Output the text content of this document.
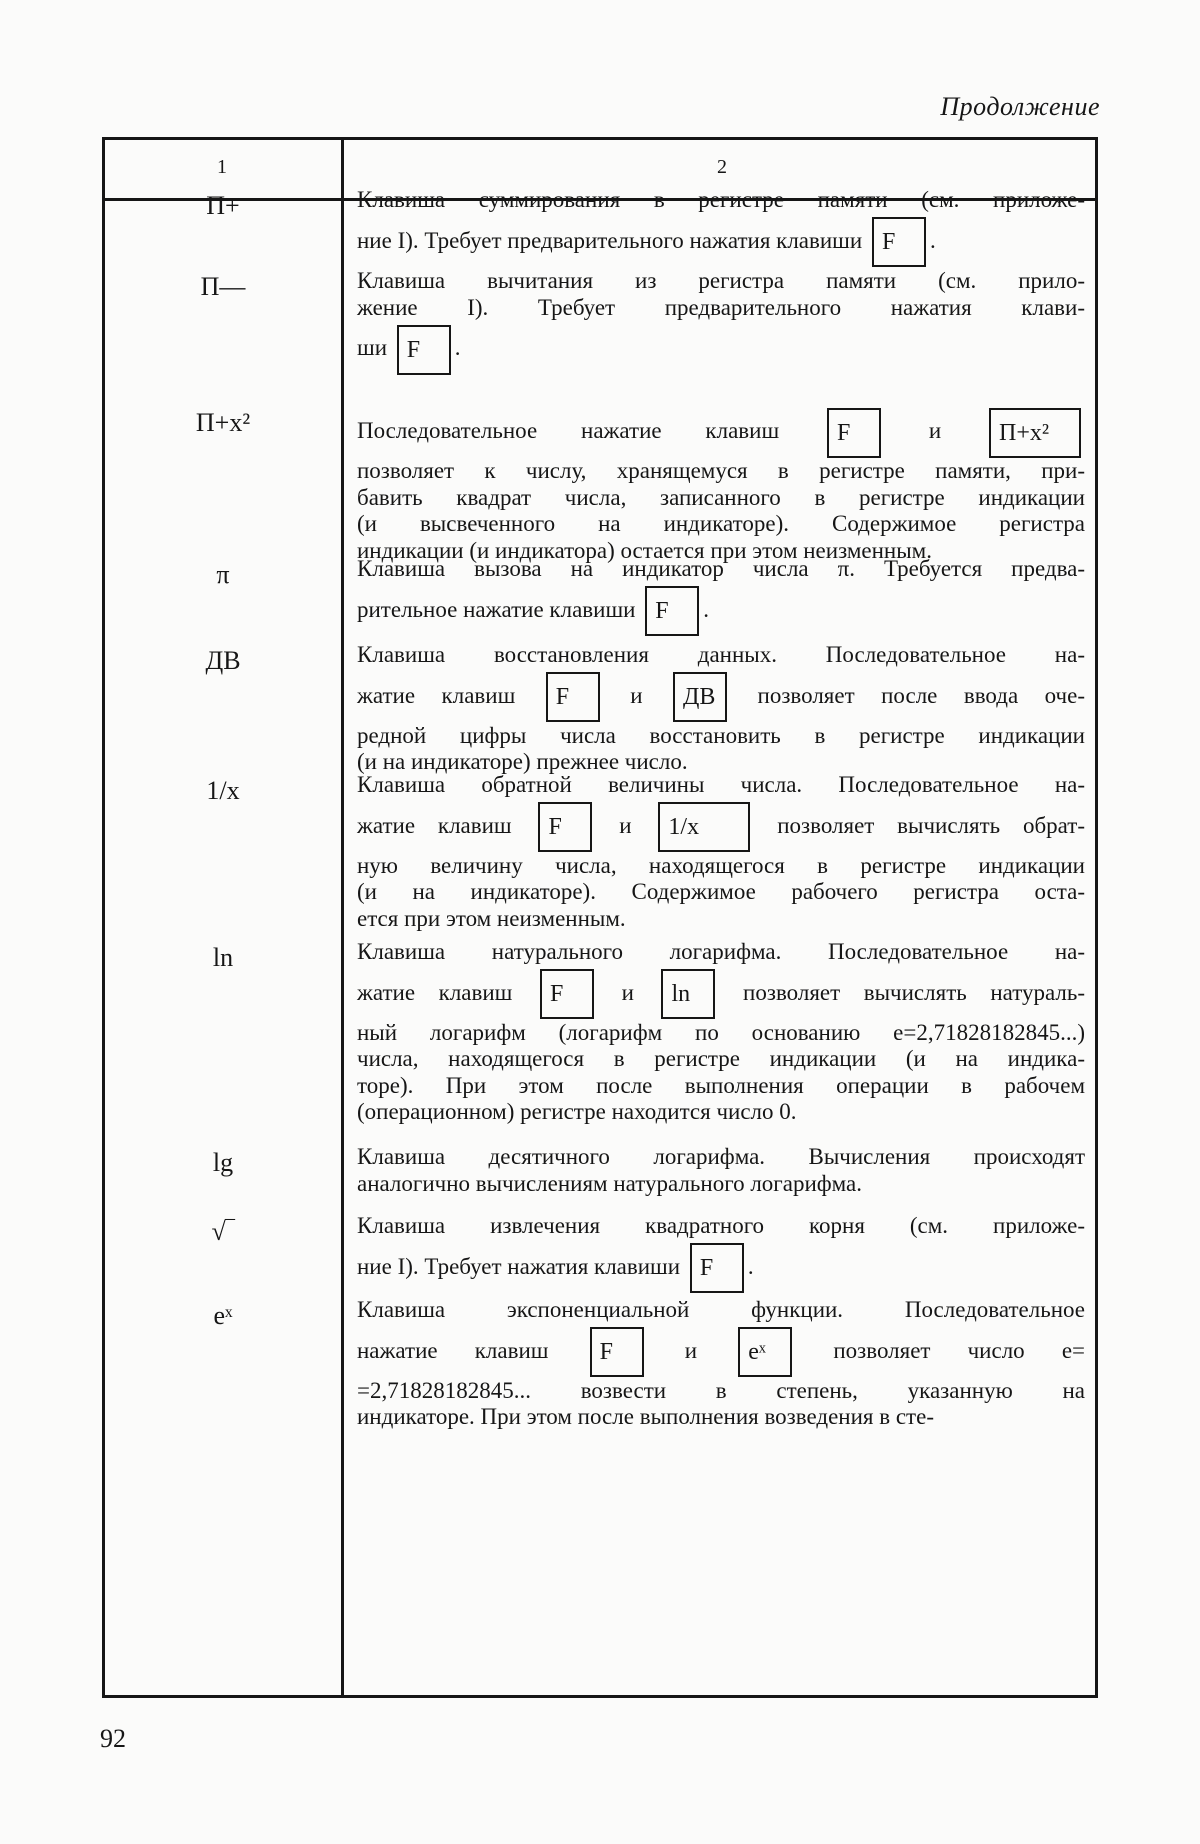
Продолжение
1	2
П+	Клавиша суммирования в регистре памяти (см. приложе-
ние I). Требует предварительного нажатия клавиши F .
П—	Клавиша вычитания из регистра памяти (см. прило-
жение I). Требует предварительного нажатия клави-
ши F .
П+x²	Последовательное нажатие клавиш F и П+x²
позволяет к числу, хранящемуся в регистре памяти, при-
бавить квадрат числа, записанного в регистре индикации
(и высвеченного на индикаторе). Содержимое регистра
индикации (и индикатора) остается при этом неизменным.
π	Клавиша вызова на индикатор числа π. Требуется предва-
рительное нажатие клавиши F .
ДВ	Клавиша восстановления данных. Последовательное на-
жатие клавиш F и ДВ позволяет после ввода оче-
редной цифры числа восстановить в регистре индикации
(и на индикаторе) прежнее число.
1/x	Клавиша обратной величины числа. Последовательное на-
жатие клавиш F и 1/x позволяет вычислять обрат-
ную величину числа, находящегося в регистре индикации
(и на индикаторе). Содержимое рабочего регистра оста-
ется при этом неизменным.
ln	Клавиша натурального логарифма. Последовательное на-
жатие клавиш F и ln позволяет вычислять натураль-
ный логарифм (логарифм по основанию e=2,71828182845...)
числа, находящегося в регистре индикации (и на индика-
торе). При этом после выполнения операции в рабочем
(операционном) регистре находится число 0.
lg	Клавиша десятичного логарифма. Вычисления происходят
аналогично вычислениям натурального логарифма.
√‾	Клавиша извлечения квадратного корня (см. приложе-
ние I). Требует нажатия клавиши F .
eˣ	Клавиша экспоненциальной функции. Последовательное
нажатие клавиш F и eˣ позволяет число e=
=2,71828182845... возвести в степень, указанную на
индикаторе. При этом после выполнения возведения в сте-
92
